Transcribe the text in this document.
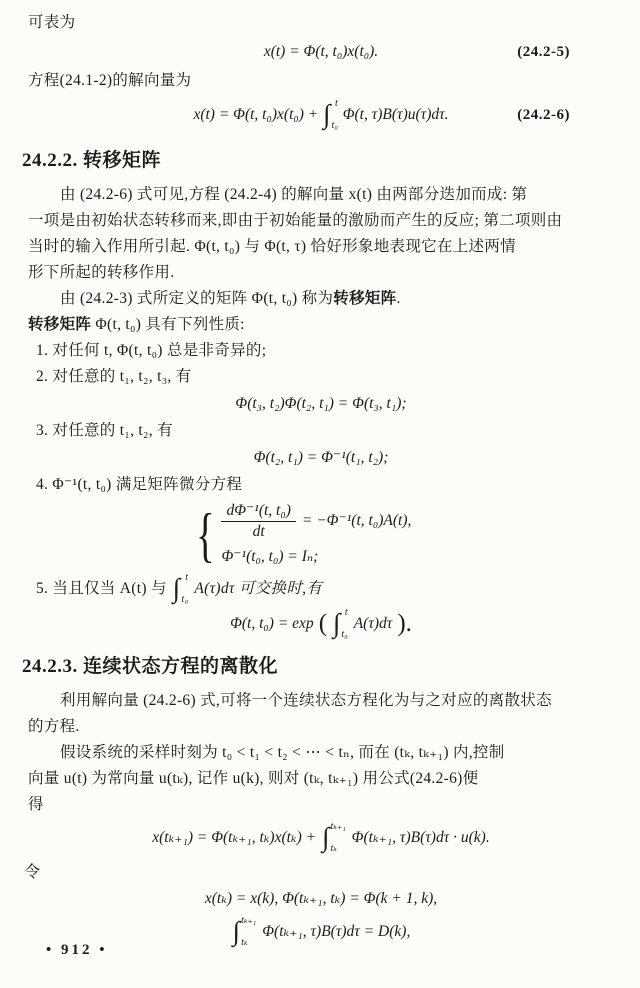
可表为

x(t) = Φ(t, t₀)x(t₀).	(24.2-5)

方程(24.1-2)的解向量为

x(t) = Φ(t, t₀)x(t₀) + ∫ t
t₀
Φ(t, τ)B(τ)u(τ)dτ.	(24.2-6)
24.2.2. 转移矩阵

由 (24.2-6) 式可见,方程 (24.2-4) 的解向量 x(t) 由两部分迭加而成: 第

一项是由初始状态转移而来,即由于初始能量的激励而产生的反应; 第二项则由

当时的输入作用所引起. Φ(t, t₀) 与 Φ(t, τ) 恰好形象地表现它在上述两情

形下所起的转移作用.

由 (24.2-3) 式所定义的矩阵 Φ(t, t₀) 称为转移矩阵.

转移矩阵 Φ(t, t₀) 具有下列性质:

1. 对任何 t, Φ(t, t₀) 总是非奇异的;

2. 对任意的 t₁, t₂, t₃, 有

Φ(t₃, t₂)Φ(t₂, t₁) = Φ(t₃, t₁);

3. 对任意的 t₁, t₂, 有

Φ(t₂, t₁) = Φ⁻¹(t₁, t₂);

4. Φ⁻¹(t, t₀) 满足矩阵微分方程

{ $\frac{\text{dΦ⁻¹(t, t₀)}}{dt} = -\Phi^{-1}(t$, t₀)A(t),
Φ⁻¹(t₀, t₀) = Iₙ;

5. 当且仅当 A(t) 与 ∫ t
t₀
A(τ)dτ 可交换时,有

Φ(t, t₀) = exp ( ∫ t
t₀
A(τ)dτ ).
24.2.3. 连续状态方程的离散化

利用解向量 (24.2-6) 式,可将一个连续状态方程化为与之对应的离散状态

的方程.

假设系统的采样时刻为 t₀ < t₁ < t₂ < ⋯ < tₙ, 而在 (tₖ, tₖ₊₁) 内,控制

向量 u(t) 为常向量 u(tₖ), 记作 u(k), 则对 (tₖ, tₖ₊₁) 用公式(24.2-6)便

得

x(tₖ₊₁) = Φ(tₖ₊₁, tₖ)x(tₖ) + ∫ tₖ₊₁
tₖ
Φ(tₖ₊₁, τ)B(τ)dτ · u(k).

令

x(tₖ) = x(k), Φ(tₖ₊₁, tₖ) = Φ(k + 1, k),
∫ tₖ₊₁
tₖ
Φ(tₖ₊₁, τ)B(τ)dτ = D(k),
• 912 •
